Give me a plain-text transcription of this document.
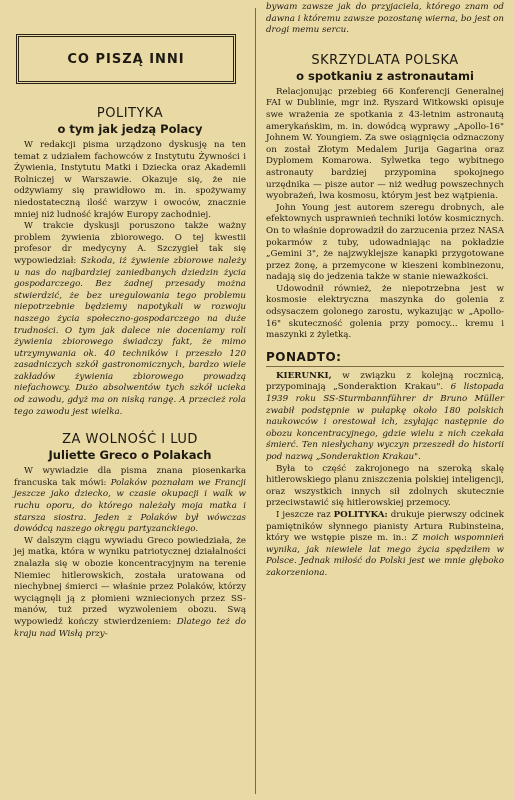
CO PISZĄ INNI

POLITYKA

o tym jak jedzą Polacy

W redakcji pisma urządzono dyskusję na ten temat z udziałem fachowców z Instytutu Żywności i Żywienia, Instytutu Matki i Dziecka oraz Akademii Rolniczej w Warszawie. Okazuje się, że nie odżywiamy się prawidłowo m. in. spożywamy niedostateczną ilość warzyw i owoców, znacznie mniej niż ludność krajów Europy zachodniej.

W trakcie dyskusji poruszono także ważny problem żywienia zbiorowego. O tej kwestii profesor dr medycyny A. Szczygieł tak się wypowiedział: Szkoda, iż żywienie zbiorowe należy u nas do najbardziej zaniedbanych dziedzin życia gospodarczego. Bez żadnej przesady można stwierdzić, że bez uregulowania tego problemu niepotrzebnie będziemy napotykali w rozwoju naszego życia społeczno-gospodarczego na duże trudności. O tym jak dalece nie doceniamy roli żywienia zbiorowego świadczy fakt, że mimo utrzymywania ok. 40 techników i przeszło 120 zasadniczych szkół gastronomicznych, bardzo wiele zakładów żywienia zbiorowego prowadzą niefachowcy. Dużo absolwentów tych szkół ucieka od zawodu, gdyż ma on niską rangę. A przecież rola tego zawodu jest wielka.

ZA WOLNOŚĆ I LUD

Juliette Greco o Polakach

W wywiadzie dla pisma znana piosenkarka francuska tak mówi: Polaków poznałam we Francji jeszcze jako dziecko, w czasie okupacji i walk w ruchu oporu, do którego należały moja matka i starsza siostra. Jeden z Polaków był wówczas dowódcą naszego okręgu partyzanckiego.

W dalszym ciągu wywiadu Greco powiedziała, że jej matka, która w wyniku patriotycznej działalności znalazła się w obozie koncentracyjnym na terenie Niemiec hitlerowskich, została uratowana od niechybnej śmierci — właśnie przez Polaków, którzy wyciągnęli ją z płomieni wzniecionych przez SS-manów, tuż przed wyzwoleniem obozu. Swą wypowiedź kończy stwierdzeniem: Dlatego też do kraju nad Wisłą przy-

bywam zawsze jak do przyjaciela, którego znam od dawna i któremu zawsze pozostanę wierna, bo jest on drogi memu sercu.

SKRZYDLATA POLSKA

o spotkaniu z astronautami

Relacjonując przebieg 66 Konferencji Generalnej FAI w Dublinie, mgr inż. Ryszard Witkowski opisuje swe wrażenia ze spotkania z 43-letnim astronautą amerykańskim, m. in. dowódcą wyprawy „Apollo-16" Johnem W. Youngiem. Za swe osiągnięcia odznaczony on został Złotym Medalem Jurija Gagarina oraz Dyplomem Komarowa. Sylwetka tego wybitnego astronauty bardziej przypomina spokojnego urzędnika — pisze autor — niż według powszechnych wyobrażeń, lwa kosmosu, którym jest bez wątpienia.

John Young jest autorem szeregu drobnych, ale efektownych usprawnień techniki lotów kosmicznych. On to właśnie doprowadził do zarzucenia przez NASA pokarmów z tuby, udowadniając na pokładzie „Gemini 3", że najzwyklejsze kanapki przygotowane przez żonę, a przemycone w kieszeni kombinezonu, nadają się do jedzenia także w stanie nieważkości.

Udowodnił również, że niepotrzebna jest w kosmosie elektryczna maszynka do golenia z odsysaczem golonego zarostu, wykazując w „Apollo-16" skuteczność golenia przy pomocy... kremu i maszynki z żyletką.

PONADTO:

KIERUNKI, w związku z kolejną rocznicą, przypominają „Sonderaktion Krakau". 6 listopada 1939 roku SS-Sturmbannführer dr Bruno Müller zwabił podstępnie w pułapkę około 180 polskich naukowców i orestował ich, zsyłając następnie do obozu koncentracyjnego, gdzie wielu z nich czekała śmierć. Ten niesłychany wyczyn przeszedł do historii pod nazwą „Sonderaktion Krakau".

Była to część zakrojonego na szeroką skalę hitlerowskiego planu zniszczenia polskiej inteligencji, oraz wszystkich innych sił zdolnych skutecznie przeciwstawić się hitlerowskiej przemocy.

I jeszcze raz POLITYKA: drukuje pierwszy odcinek pamiętników słynnego pianisty Artura Rubinsteina, który we wstępie pisze m. in.: Z moich wspomnień wynika, jak niewiele lat mego życia spędziłem w Polsce. Jednak miłość do Polski jest we mnie głęboko zakorzeniona.
